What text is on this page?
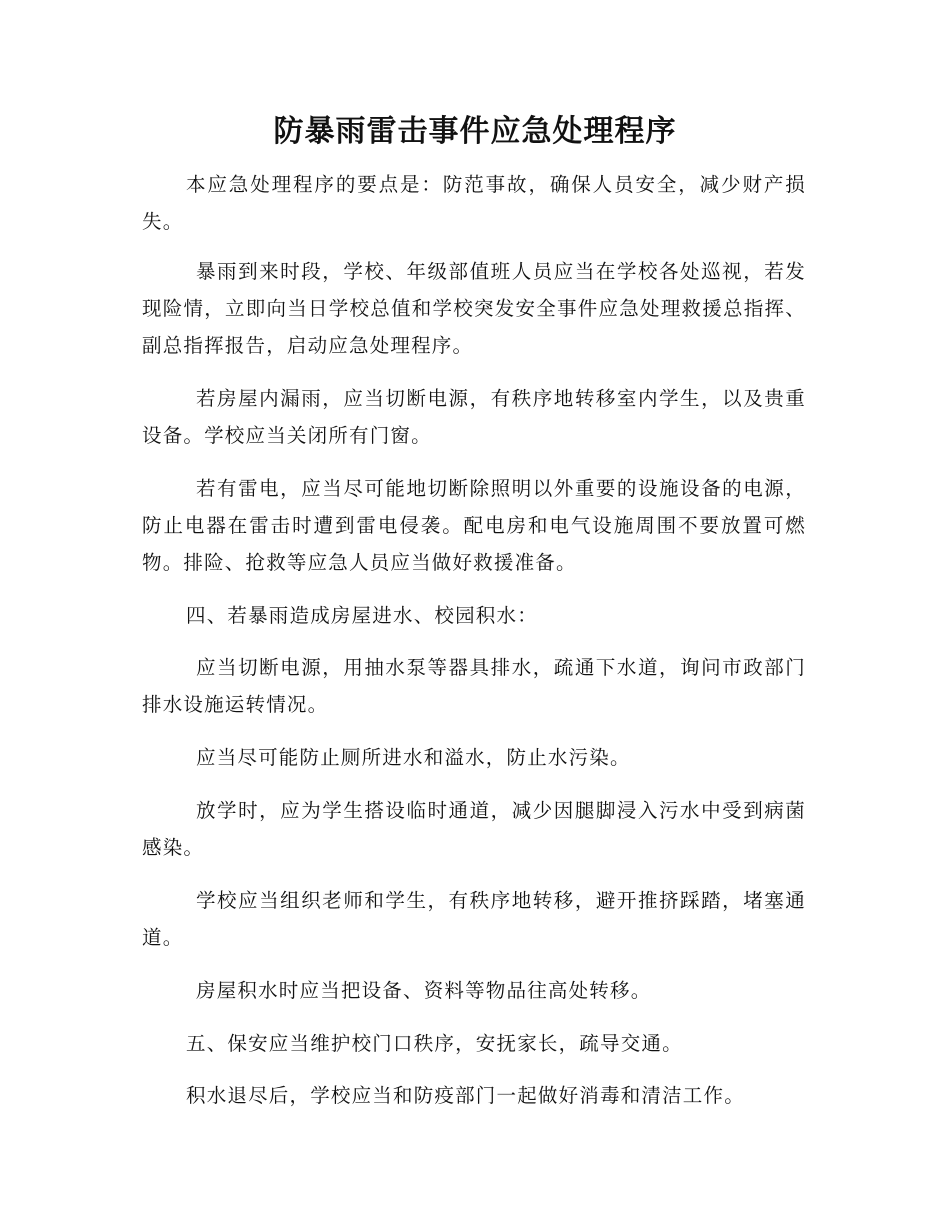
防暴雨雷击事件应急处理程序

本应急处理程序的要点是：防范事故，确保人员安全，减少财产损失。

暴雨到来时段，学校、年级部值班人员应当在学校各处巡视，若发现险情，立即向当日学校总值和学校突发安全事件应急处理救援总指挥、副总指挥报告，启动应急处理程序。

若房屋内漏雨，应当切断电源，有秩序地转移室内学生，以及贵重设备。学校应当关闭所有门窗。

若有雷电，应当尽可能地切断除照明以外重要的设施设备的电源，防止电器在雷击时遭到雷电侵袭。配电房和电气设施周围不要放置可燃物。排险、抢救等应急人员应当做好救援准备。

四、若暴雨造成房屋进水、校园积水：

应当切断电源，用抽水泵等器具排水，疏通下水道，询问市政部门排水设施运转情况。

应当尽可能防止厕所进水和溢水，防止水污染。

放学时，应为学生搭设临时通道，减少因腿脚浸入污水中受到病菌感染。

学校应当组织老师和学生，有秩序地转移，避开推挤踩踏，堵塞通道。

房屋积水时应当把设备、资料等物品往高处转移。

五、保安应当维护校门口秩序，安抚家长，疏导交通。

积水退尽后，学校应当和防疫部门一起做好消毒和清洁工作。
